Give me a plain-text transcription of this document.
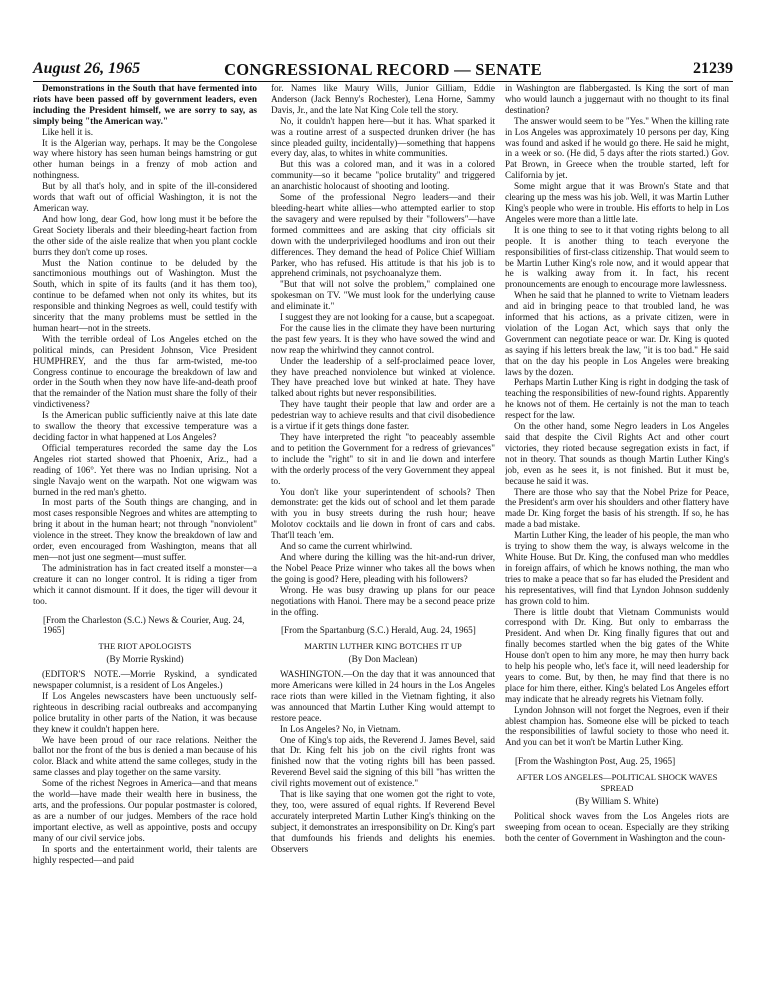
August 26, 1965	CONGRESSIONAL RECORD — SENATE	21239

Demonstrations in the South that have fermented into riots have been passed off by government leaders, even including the President himself, we are sorry to say, as simply being "the American way."

Like hell it is.

It is the Algerian way, perhaps. It may be the Congolese way where history has seen human beings hamstring or gut other human beings in a frenzy of mob action and nothingness.

But by all that's holy, and in spite of the ill-considered words that waft out of official Washington, it is not the American way.

And how long, dear God, how long must it be before the Great Society liberals and their bleeding-heart faction from the other side of the aisle realize that when you plant cockle burrs they don't come up roses.

Must the Nation continue to be deluded by the sanctimonious mouthings out of Washington. Must the South, which in spite of its faults (and it has them too), continue to be defamed when not only its whites, but its responsible and thinking Negroes as well, could testify with sincerity that the many problems must be settled in the human heart—not in the streets.

With the terrible ordeal of Los Angeles etched on the political minds, can President Johnson, Vice President HUMPHREY, and the thus far arm-twisted, me-too Congress continue to encourage the breakdown of law and order in the South when they now have life-and-death proof that the remainder of the Nation must share the folly of their vindictiveness?

Is the American public sufficiently naive at this late date to swallow the theory that excessive temperature was a deciding factor in what happened at Los Angeles?

Official temperatures recorded the same day the Los Angeles riot started showed that Phoenix, Ariz., had a reading of 106°. Yet there was no Indian uprising. Not a single Navajo went on the warpath. Not one wigwam was burned in the red man's ghetto.

In most parts of the South things are changing, and in most cases responsible Negroes and whites are attempting to bring it about in the human heart; not through "nonviolent" violence in the street. They know the breakdown of law and order, even encouraged from Washington, means that all men—not just one segment—must suffer.

The administration has in fact created itself a monster—a creature it can no longer control. It is riding a tiger from which it cannot dismount. If it does, the tiger will devour it too.

[From the Charleston (S.C.) News & Courier, Aug. 24, 1965]

THE RIOT APOLOGISTS

(By Morrie Ryskind)

(EDITOR'S NOTE.—Morrie Ryskind, a syndicated newspaper columnist, is a resident of Los Angeles.)

If Los Angeles newscasters have been unctuously self-righteous in describing racial outbreaks and accompanying police brutality in other parts of the Nation, it was because they knew it couldn't happen here.

We have been proud of our race relations. Neither the ballot nor the front of the bus is denied a man because of his color. Black and white attend the same colleges, study in the same classes and play together on the same varsity.

Some of the richest Negroes in America—and that means the world—have made their wealth here in business, the arts, and the professions. Our popular postmaster is colored, as are a number of our judges. Members of the race hold important elective, as well as appointive, posts and occupy many of our civil service jobs.

In sports and the entertainment world, their talents are highly respected—and paid

for. Names like Maury Wills, Junior Gilliam, Eddie Anderson (Jack Benny's Rochester), Lena Horne, Sammy Davis, Jr., and the late Nat King Cole tell the story.

No, it couldn't happen here—but it has. What sparked it was a routine arrest of a suspected drunken driver (he has since pleaded guilty, incidentally)—something that happens every day, alas, to whites in white communities.

But this was a colored man, and it was in a colored community—so it became "police brutality" and triggered an anarchistic holocaust of shooting and looting.

Some of the professional Negro leaders—and their bleeding-heart white allies—who attempted earlier to stop the savagery and were repulsed by their "followers"—have formed committees and are asking that city officials sit down with the underprivileged hoodlums and iron out their differences. They demand the head of Police Chief William Parker, who has refused. His attitude is that his job is to apprehend criminals, not psychoanalyze them.

"But that will not solve the problem," complained one spokesman on TV. "We must look for the underlying cause and eliminate it."

I suggest they are not looking for a cause, but a scapegoat.

For the cause lies in the climate they have been nurturing the past few years. It is they who have sowed the wind and now reap the whirlwind they cannot control.

Under the leadership of a self-proclaimed peace lover, they have preached nonviolence but winked at violence. They have preached love but winked at hate. They have talked about rights but never responsibilities.

They have taught their people that law and order are a pedestrian way to achieve results and that civil disobedience is a virtue if it gets things done faster.

They have interpreted the right "to peaceably assemble and to petition the Government for a redress of grievances" to include the "right" to sit in and lie down and interfere with the orderly process of the very Government they appeal to.

You don't like your superintendent of schools? Then demonstrate: get the kids out of school and let them parade with you in busy streets during the rush hour; heave Molotov cocktails and lie down in front of cars and cabs. That'll teach 'em.

And so came the current whirlwind.

And where during the killing was the hit-and-run driver, the Nobel Peace Prize winner who takes all the bows when the going is good? Here, pleading with his followers?

Wrong. He was busy drawing up plans for our peace negotiations with Hanoi. There may be a second peace prize in the offing.

[From the Spartanburg (S.C.) Herald, Aug. 24, 1965]

MARTIN LUTHER KING BOTCHES IT UP

(By Don Maclean)

WASHINGTON.—On the day that it was announced that more Americans were killed in 24 hours in the Los Angeles race riots than were killed in the Vietnam fighting, it also was announced that Martin Luther King would attempt to restore peace.

In Los Angeles? No, in Vietnam.

One of King's top aids, the Reverend J. James Bevel, said that Dr. King felt his job on the civil rights front was finished now that the voting rights bill has been passed. Reverend Bevel said the signing of this bill "has written the civil rights movement out of existence."

That is like saying that one women got the right to vote, they, too, were assured of equal rights. If Reverend Bevel accurately interpreted Martin Luther King's thinking on the subject, it demonstrates an irresponsibility on Dr. King's part that dumfounds his friends and delights his enemies. Observers

in Washington are flabbergasted. Is King the sort of man who would launch a juggernaut with no thought to its final destination?

The answer would seem to be "Yes." When the killing rate in Los Angeles was approximately 10 persons per day, King was found and asked if he would go there. He said he might, in a week or so. (He did, 5 days after the riots started.) Gov. Pat Brown, in Greece when the trouble started, left for California by jet.

Some might argue that it was Brown's State and that clearing up the mess was his job. Well, it was Martin Luther King's people who were in trouble. His efforts to help in Los Angeles were more than a little late.

It is one thing to see to it that voting rights belong to all people. It is another thing to teach everyone the responsibilities of first-class citizenship. That would seem to be Martin Luther King's role now, and it would appear that he is walking away from it. In fact, his recent pronouncements are enough to encourage more lawlessness.

When he said that he planned to write to Vietnam leaders and aid in bringing peace to that troubled land, he was informed that his actions, as a private citizen, were in violation of the Logan Act, which says that only the Government can negotiate peace or war. Dr. King is quoted as saying if his letters break the law, "it is too bad." He said that on the day his people in Los Angeles were breaking laws by the dozen.

Perhaps Martin Luther King is right in dodging the task of teaching the responsibilities of new-found rights. Apparently he knows not of them. He certainly is not the man to teach respect for the law.

On the other hand, some Negro leaders in Los Angeles said that despite the Civil Rights Act and other court victories, they rioted because segregation exists in fact, if not in theory. That sounds as though Martin Luther King's job, even as he sees it, is not finished. But it must be, because he said it was.

There are those who say that the Nobel Prize for Peace, the President's arm over his shoulders and other flattery have made Dr. King forget the basis of his strength. If so, he has made a bad mistake.

Martin Luther King, the leader of his people, the man who is trying to show them the way, is always welcome in the White House. But Dr. King, the confused man who meddles in foreign affairs, of which he knows nothing, the man who tries to make a peace that so far has eluded the President and his representatives, will find that Lyndon Johnson suddenly has grown cold to him.

There is little doubt that Vietnam Communists would correspond with Dr. King. But only to embarrass the President. And when Dr. King finally figures that out and finally becomes startled when the big gates of the White House don't open to him any more, he may then hurry back to help his people who, let's face it, will need leadership for years to come. But, by then, he may find that there is no place for him there, either. King's belated Los Angeles effort may indicate that he already regrets his Vietnam folly.

Lyndon Johnson will not forget the Negroes, even if their ablest champion has. Someone else will be picked to teach the responsibilities of lawful society to those who need it. And you can bet it won't be Martin Luther King.

[From the Washington Post, Aug. 25, 1965]

AFTER LOS ANGELES—POLITICAL SHOCK WAVES SPREAD

(By William S. White)

Political shock waves from the Los Angeles riots are sweeping from ocean to ocean. Especially are they striking both the center of Government in Washington and the coun-
